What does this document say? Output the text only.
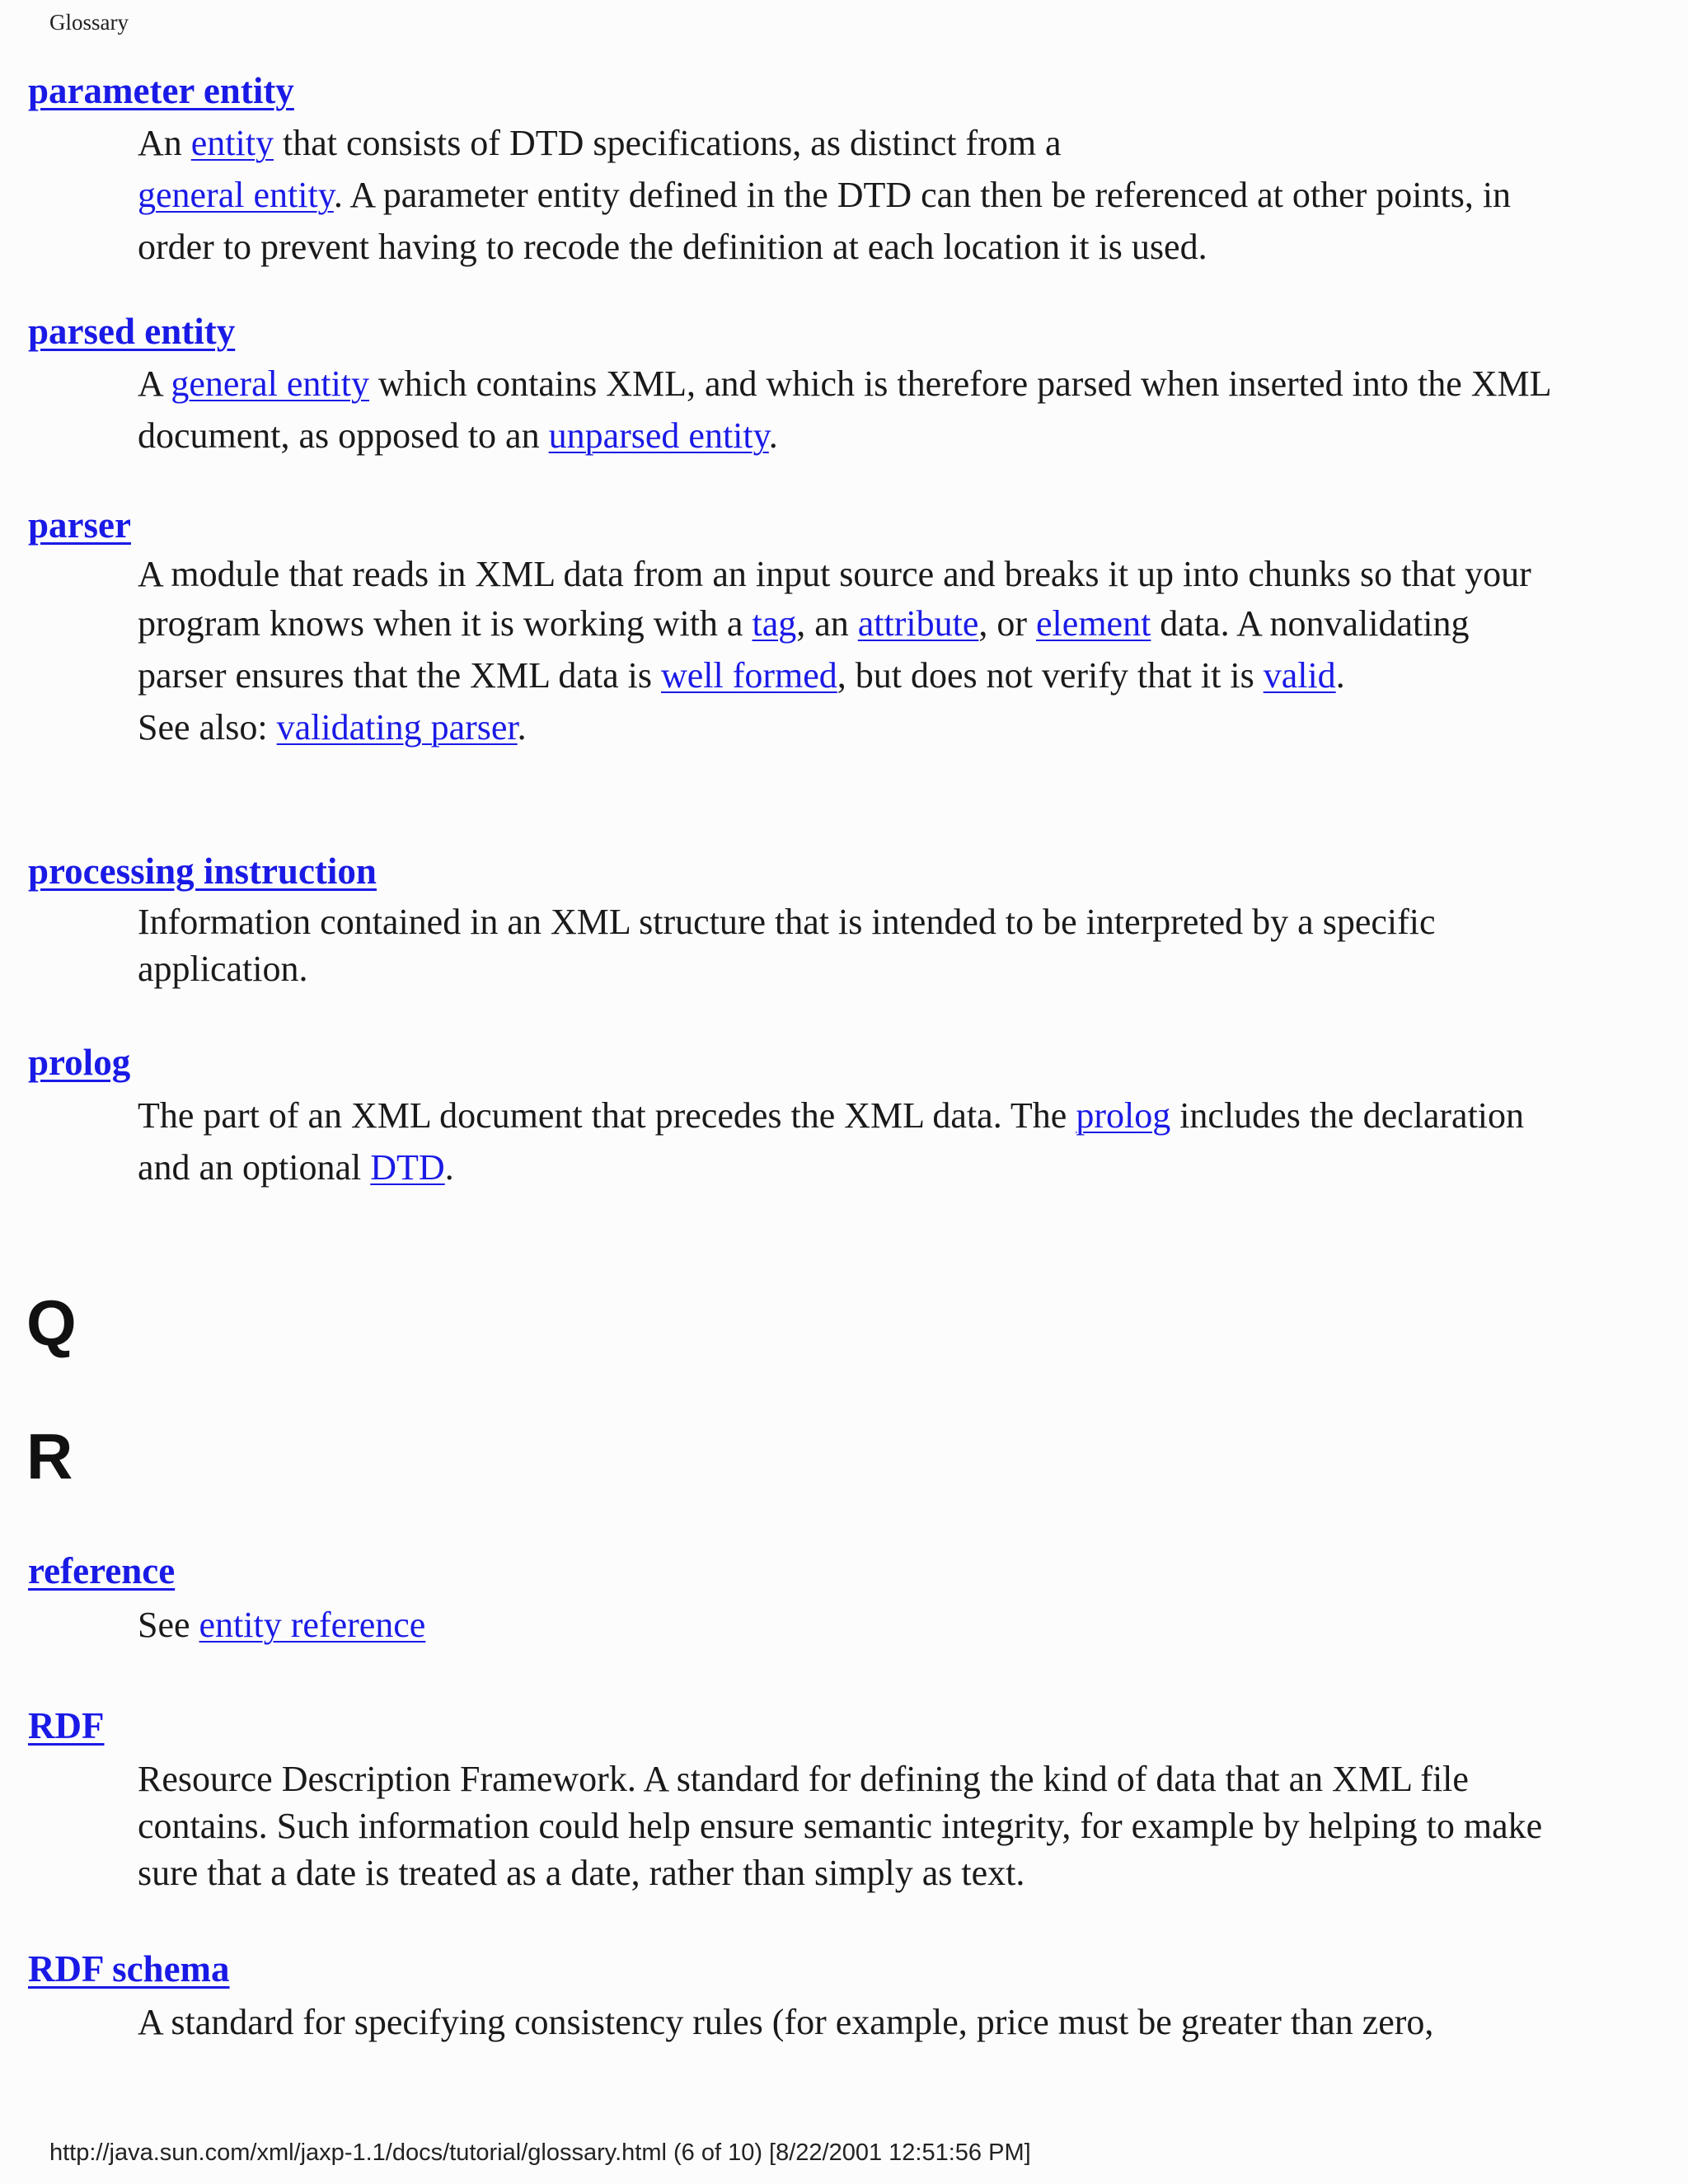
Glossary
parameter entity
An entity that consists of DTD specifications, as distinct from a
general entity. A parameter entity defined in the DTD can then be referenced at other points, in
order to prevent having to recode the definition at each location it is used.
parsed entity
A general entity which contains XML, and which is therefore parsed when inserted into the XML
document, as opposed to an unparsed entity.
parser
A module that reads in XML data from an input source and breaks it up into chunks so that your
program knows when it is working with a tag, an attribute, or element data. A nonvalidating
parser ensures that the XML data is well formed, but does not verify that it is valid.
See also: validating parser.
processing instruction
Information contained in an XML structure that is intended to be interpreted by a specific
application.
prolog
The part of an XML document that precedes the XML data. The prolog includes the declaration
and an optional DTD.
Q
R
reference
See entity reference
RDF
Resource Description Framework. A standard for defining the kind of data that an XML file
contains. Such information could help ensure semantic integrity, for example by helping to make
sure that a date is treated as a date, rather than simply as text.
RDF schema
A standard for specifying consistency rules (for example, price must be greater than zero,
http://java.sun.com/xml/jaxp-1.1/docs/tutorial/glossary.html (6 of 10) [8/22/2001 12:51:56 PM]
